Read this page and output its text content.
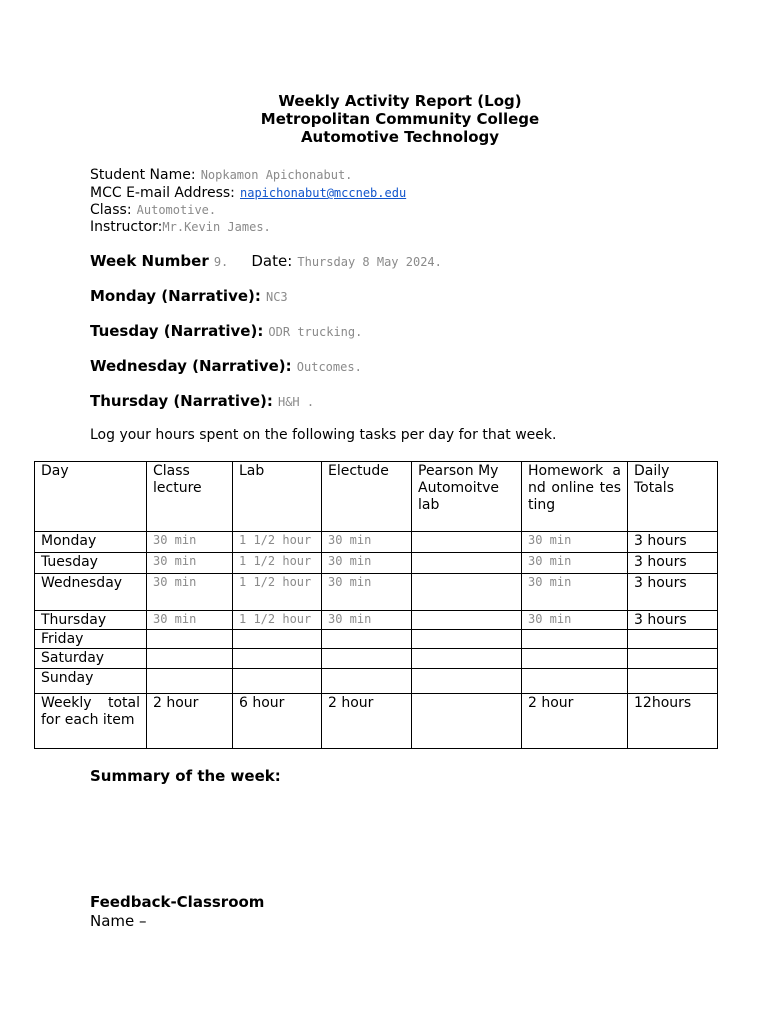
Weekly Activity Report (Log)
Metropolitan Community College
Automotive Technology
Student Name: Nopkamon Apichonabut.
MCC E-mail Address: napichonabut@mccneb.edu
Class: Automotive.
Instructor:Mr.Kevin James.
Week Number 9. Date: Thursday 8 May 2024.
Monday (Narrative): NC3
Tuesday (Narrative): ODR trucking.
Wednesday (Narrative): Outcomes.
Thursday (Narrative): H&H .
Log your hours spent on the following tasks per day for that week.
Day	Class lecture	Lab	Electude	Pearson My Automoitve lab	Homework and online testing	Daily Totals
Monday	30 min	1 1/2 hour	30 min		30 min	3 hours
Tuesday	30 min	1 1/2 hour	30 min		30 min	3 hours
Wednesday	30 min	1 1/2 hour	30 min		30 min	3 hours
Thursday	30 min	1 1/2 hour	30 min		30 min	3 hours
Friday						
Saturday						
Sunday						
Weekly total for each item	2 hour	6 hour	2 hour		2 hour	12hours
Summary of the week:
Feedback-Classroom
Name –
